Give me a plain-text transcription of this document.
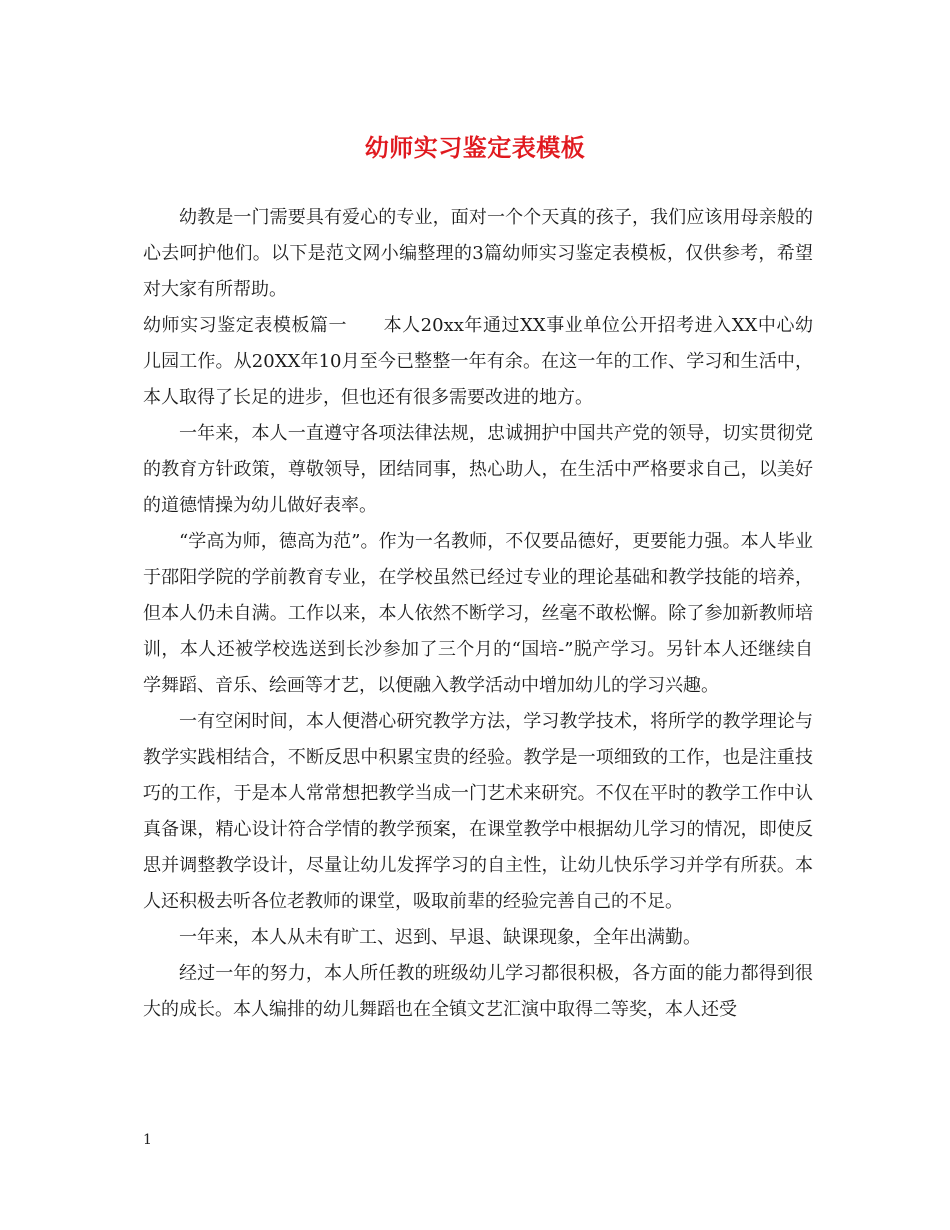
幼师实习鉴定表模板

幼教是一门需要具有爱心的专业，面对一个个天真的孩子，我们应该用母亲般的心去呵护他们。以下是范文网小编整理的3篇幼师实习鉴定表模板，仅供参考，希望对大家有所帮助。

幼师实习鉴定表模板篇一 本人20xx年通过XX事业单位公开招考进入XX中心幼儿园工作。从20XX年10月至今已整整一年有余。在这一年的工作、学习和生活中，本人取得了长足的进步，但也还有很多需要改进的地方。

一年来，本人一直遵守各项法律法规，忠诚拥护中国共产党的领导，切实贯彻党的教育方针政策，尊敬领导，团结同事，热心助人，在生活中严格要求自己，以美好的道德情操为幼儿做好表率。

“学高为师，德高为范”。作为一名教师，不仅要品德好，更要能力强。本人毕业于邵阳学院的学前教育专业，在学校虽然已经过专业的理论基础和教学技能的培养，但本人仍未自满。工作以来，本人依然不断学习，丝毫不敢松懈。除了参加新教师培训，本人还被学校选送到长沙参加了三个月的“国培-”脱产学习。另针本人还继续自学舞蹈、音乐、绘画等才艺，以便融入教学活动中增加幼儿的学习兴趣。

一有空闲时间，本人便潜心研究教学方法，学习教学技术，将所学的教学理论与教学实践相结合，不断反思中积累宝贵的经验。教学是一项细致的工作，也是注重技巧的工作，于是本人常常想把教学当成一门艺术来研究。不仅在平时的教学工作中认真备课，精心设计符合学情的教学预案，在课堂教学中根据幼儿学习的情况，即使反思并调整教学设计，尽量让幼儿发挥学习的自主性，让幼儿快乐学习并学有所获。本人还积极去听各位老教师的课堂，吸取前辈的经验完善自己的不足。

一年来，本人从未有旷工、迟到、早退、缺课现象，全年出满勤。

经过一年的努力，本人所任教的班级幼儿学习都很积极，各方面的能力都得到很大的成长。本人编排的幼儿舞蹈也在全镇文艺汇演中取得二等奖，本人还受

1
